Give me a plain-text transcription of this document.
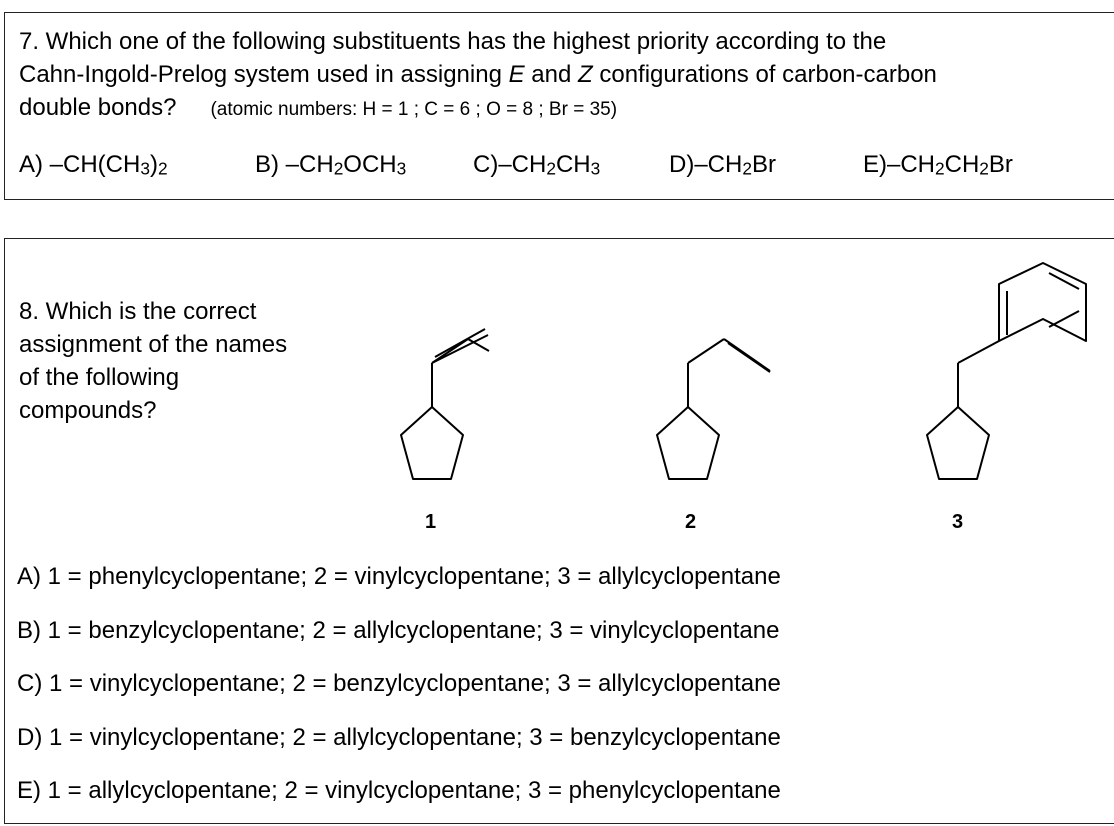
7. Which one of the following substituents has the highest priority according to the
Cahn-Ingold-Prelog system used in assigning E and Z configurations of carbon-carbon
double bonds? (atomic numbers: H = 1 ; C = 6 ; O = 8 ; Br = 35)
A) $-CH(CH_3)_2$	B) $-CH_2OCH_3$	$C)-CH_2CH_3$	$D)-CH_2Br$	$E)-CH_2CH_2Br$
8. Which is the correct
assignment of the names
of the following
compounds?
1	2	3
A) 1 = phenylcyclopentane; 2 = vinylcyclopentane; 3 = allylcyclopentane
B) 1 = benzylcyclopentane; 2 = allylcyclopentane; 3 = vinylcyclopentane
C) 1 = vinylcyclopentane; 2 = benzylcyclopentane; 3 = allylcyclopentane
D) 1 = vinylcyclopentane; 2 = allylcyclopentane; 3 = benzylcyclopentane
E) 1 = allylcyclopentane; 2 = vinylcyclopentane; 3 = phenylcyclopentane
